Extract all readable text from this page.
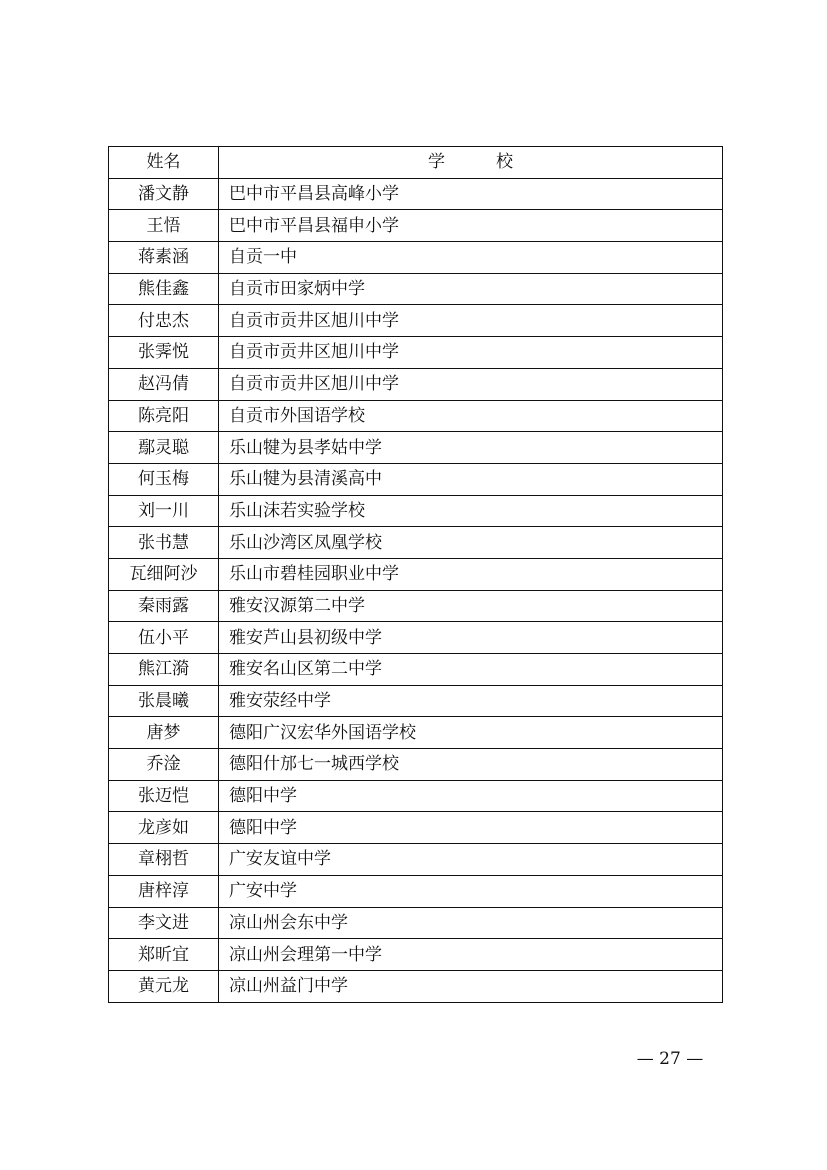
姓名	学　　　校
潘文静	巴中市平昌县高峰小学
王悟	巴中市平昌县福申小学
蒋素涵	自贡一中
熊佳鑫	自贡市田家炳中学
付忠杰	自贡市贡井区旭川中学
张霁悦	自贡市贡井区旭川中学
赵冯倩	自贡市贡井区旭川中学
陈亮阳	自贡市外国语学校
鄢灵聪	乐山犍为县孝姑中学
何玉梅	乐山犍为县清溪高中
刘一川	乐山沫若实验学校
张书慧	乐山沙湾区凤凰学校
瓦细阿沙	乐山市碧桂园职业中学
秦雨露	雅安汉源第二中学
伍小平	雅安芦山县初级中学
熊江漪	雅安名山区第二中学
张晨曦	雅安荥经中学
唐梦	德阳广汉宏华外国语学校
乔淦	德阳什邡七一城西学校
张迈恺	德阳中学
龙彦如	德阳中学
章栩哲	广安友谊中学
唐梓淳	广安中学
李文进	凉山州会东中学
郑昕宜	凉山州会理第一中学
黄元龙	凉山州益门中学
— 27 —
